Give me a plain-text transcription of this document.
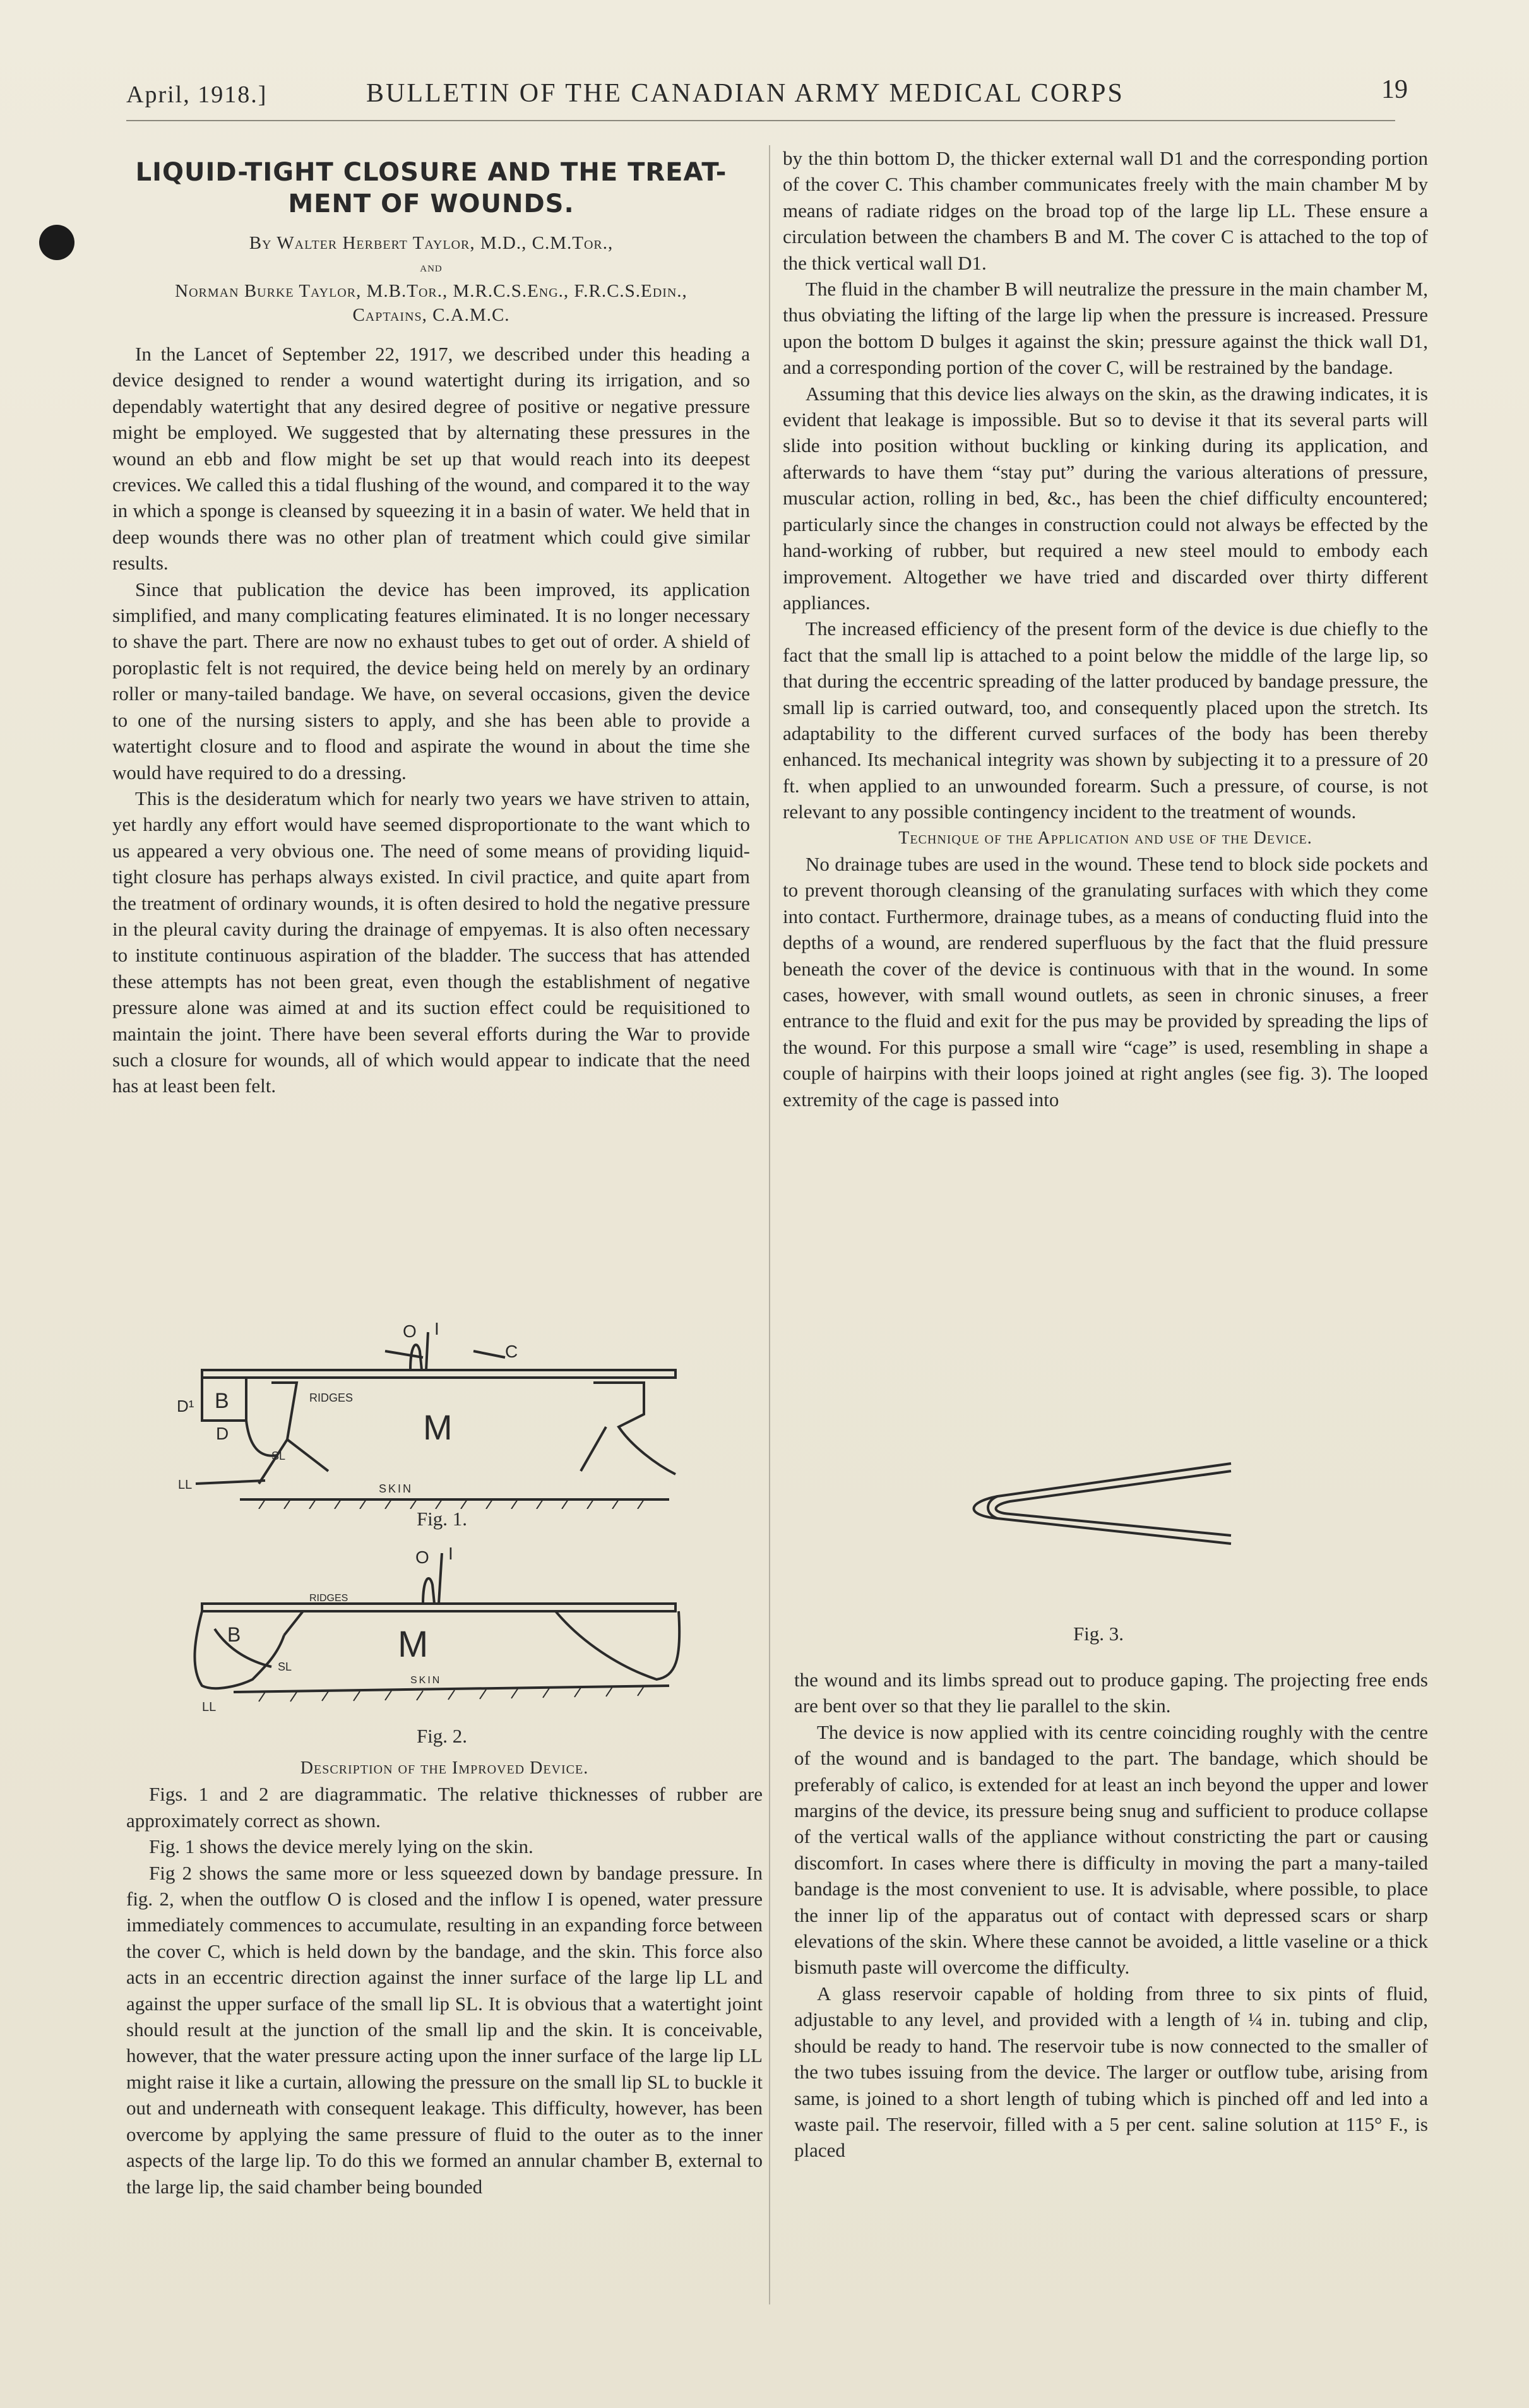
April, 1918.]	BULLETIN OF THE CANADIAN ARMY MEDICAL CORPS	19
LIQUID-TIGHT CLOSURE AND THE TREAT-
MENT OF WOUNDS.
By Walter Herbert Taylor, M.D., C.M.Tor.,
and
Norman Burke Taylor, M.B.Tor., M.R.C.S.Eng., F.R.C.S.Edin.,
Captains, C.A.M.C.

In the Lancet of September 22, 1917, we described under this heading a device designed to render a wound watertight during its irrigation, and so dependably watertight that any desired degree of positive or negative pressure might be employed. We suggested that by alternating these pressures in the wound an ebb and flow might be set up that would reach into its deepest crevices. We called this a tidal flushing of the wound, and compared it to the way in which a sponge is cleansed by squeezing it in a basin of water. We held that in deep wounds there was no other plan of treatment which could give similar results.

Since that publication the device has been improved, its application simplified, and many complicating features eliminated. It is no longer necessary to shave the part. There are now no exhaust tubes to get out of order. A shield of poroplastic felt is not required, the device being held on merely by an ordinary roller or many-tailed bandage. We have, on several occasions, given the device to one of the nursing sisters to apply, and she has been able to provide a watertight closure and to flood and aspirate the wound in about the time she would have required to do a dressing.

This is the desideratum which for nearly two years we have striven to attain, yet hardly any effort would have seemed disproportionate to the want which to us appeared a very obvious one. The need of some means of providing liquid-tight closure has perhaps always existed. In civil practice, and quite apart from the treatment of ordinary wounds, it is often desired to hold the negative pressure in the pleural cavity during the drainage of empyemas. It is also often necessary to institute continuous aspiration of the bladder. The success that has attended these attempts has not been great, even though the establishment of negative pressure alone was aimed at and its suction effect could be requisitioned to maintain the joint. There have been several efforts during the War to provide such a closure for wounds, all of which would appear to indicate that the need has at least been felt.

O I
C
D¹ B
D
RIDGES
M
SL
LL	SKIN
Fig. 1.
O I
RIDGES
M
B
SL
SKIN
LL
Fig. 2.

Description of the Improved Device.

Figs. 1 and 2 are diagrammatic. The relative thicknesses of rubber are approximately correct as shown.

Fig. 1 shows the device merely lying on the skin.

Fig 2 shows the same more or less squeezed down by bandage pressure. In fig. 2, when the outflow O is closed and the inflow I is opened, water pressure immediately commences to accumulate, resulting in an expanding force between the cover C, which is held down by the bandage, and the skin. This force also acts in an eccentric direction against the inner surface of the large lip LL and against the upper surface of the small lip SL. It is obvious that a watertight joint should result at the junction of the small lip and the skin. It is conceivable, however, that the water pressure acting upon the inner surface of the large lip LL might raise it like a curtain, allowing the pressure on the small lip SL to buckle it out and underneath with consequent leakage. This difficulty, however, has been overcome by applying the same pressure of fluid to the outer as to the inner aspects of the large lip. To do this we formed an annular chamber B, external to the large lip, the said chamber being bounded

by the thin bottom D, the thicker external wall D1 and the corresponding portion of the cover C. This chamber communicates freely with the main chamber M by means of radiate ridges on the broad top of the large lip LL. These ensure a circulation between the chambers B and M. The cover C is attached to the top of the thick vertical wall D1.

The fluid in the chamber B will neutralize the pressure in the main chamber M, thus obviating the lifting of the large lip when the pressure is increased. Pressure upon the bottom D bulges it against the skin; pressure against the thick wall D1, and a corresponding portion of the cover C, will be restrained by the bandage.

Assuming that this device lies always on the skin, as the drawing indicates, it is evident that leakage is impossible. But so to devise it that its several parts will slide into position without buckling or kinking during its application, and afterwards to have them “stay put” during the various alterations of pressure, muscular action, rolling in bed, &c., has been the chief difficulty encountered; particularly since the changes in construction could not always be effected by the hand-working of rubber, but required a new steel mould to embody each improvement. Altogether we have tried and discarded over thirty different appliances.

The increased efficiency of the present form of the device is due chiefly to the fact that the small lip is attached to a point below the middle of the large lip, so that during the eccentric spreading of the latter produced by bandage pressure, the small lip is carried outward, too, and consequently placed upon the stretch. Its adaptability to the different curved surfaces of the body has been thereby enhanced. Its mechanical integrity was shown by subjecting it to a pressure of 20 ft. when applied to an unwounded forearm. Such a pressure, of course, is not relevant to any possible contingency incident to the treatment of wounds.

Technique of the Application and use of the Device.

No drainage tubes are used in the wound. These tend to block side pockets and to prevent thorough cleansing of the granulating surfaces with which they come into contact. Furthermore, drainage tubes, as a means of conducting fluid into the depths of a wound, are rendered superfluous by the fact that the fluid pressure beneath the cover of the device is continuous with that in the wound. In some cases, however, with small wound outlets, as seen in chronic sinuses, a freer entrance to the fluid and exit for the pus may be provided by spreading the lips of the wound. For this purpose a small wire “cage” is used, resembling in shape a couple of hairpins with their loops joined at right angles (see fig. 3). The looped extremity of the cage is passed into

Fig. 3.

the wound and its limbs spread out to produce gaping. The projecting free ends are bent over so that they lie parallel to the skin.

The device is now applied with its centre coinciding roughly with the centre of the wound and is bandaged to the part. The bandage, which should be preferably of calico, is extended for at least an inch beyond the upper and lower margins of the device, its pressure being snug and sufficient to produce collapse of the vertical walls of the appliance without constricting the part or causing discomfort. In cases where there is difficulty in moving the part a many-tailed bandage is the most convenient to use. It is advisable, where possible, to place the inner lip of the apparatus out of contact with depressed scars or sharp elevations of the skin. Where these cannot be avoided, a little vaseline or a thick bismuth paste will overcome the difficulty.

A glass reservoir capable of holding from three to six pints of fluid, adjustable to any level, and provided with a length of ¼ in. tubing and clip, should be ready to hand. The reservoir tube is now connected to the smaller of the two tubes issuing from the device. The larger or outflow tube, arising from same, is joined to a short length of tubing which is pinched off and led into a waste pail. The reservoir, filled with a 5 per cent. saline solution at 115° F., is placed
